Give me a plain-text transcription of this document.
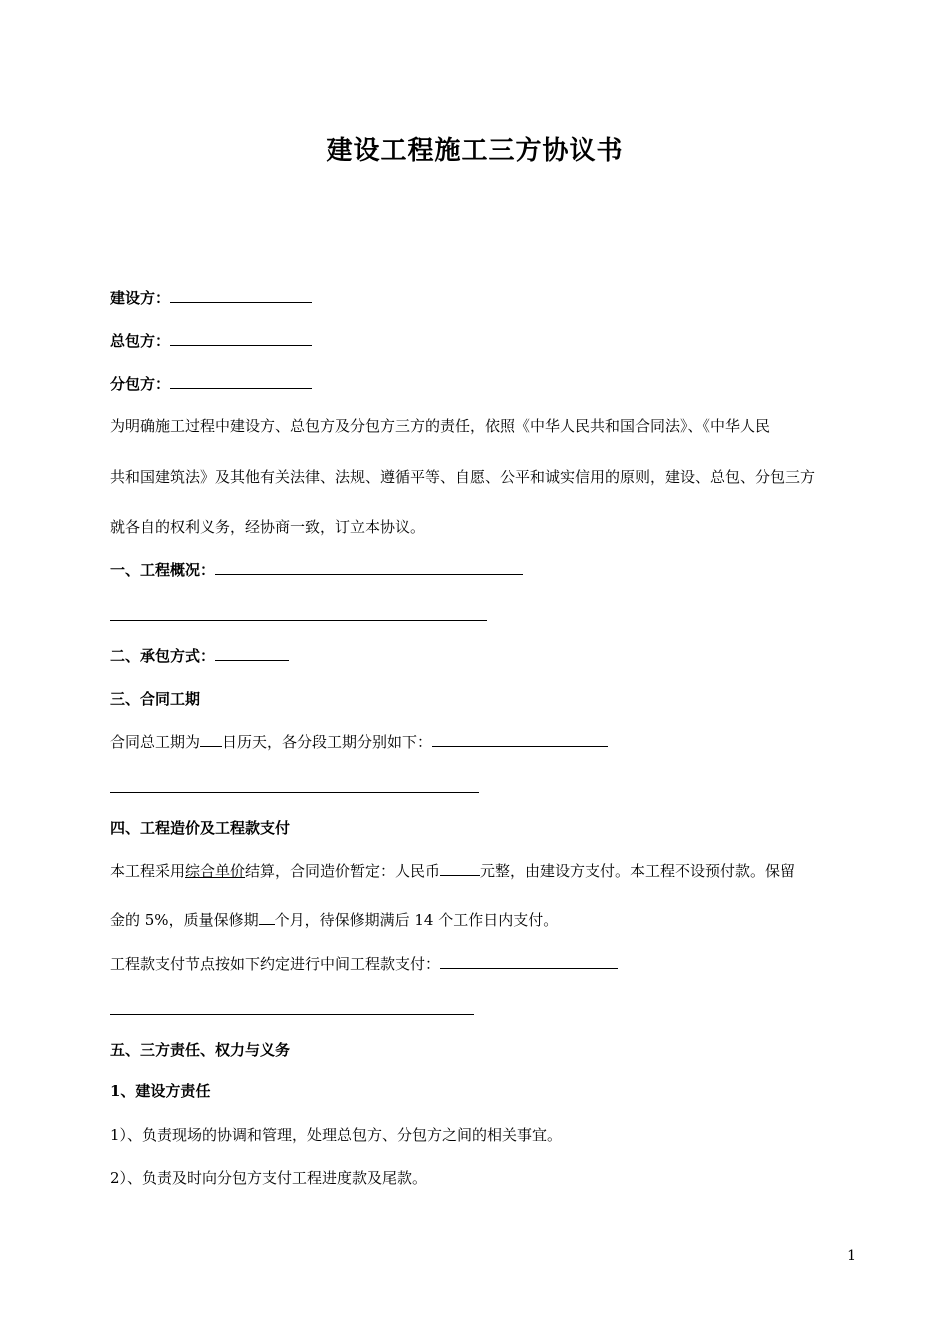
建设工程施工三方协议书
建设方：
总包方：
分包方：
为明确施工过程中建设方、总包方及分包方三方的责任，依照《中华人民共和国合同法》、《中华人民
共和国建筑法》及其他有关法律、法规、遵循平等、自愿、公平和诚实信用的原则，建设、总包、分包三方
就各自的权利义务，经协商一致，订立本协议。
一、工程概况：
二、承包方式：
三、合同工期
合同总工期为 日历天，各分段工期分别如下：
四、工程造价及工程款支付
本工程采用综合单价结算，合同造价暂定：人民币	元整，由建设方支付。本工程不设预付款。保留
金的 5%，质量保修期 个月，待保修期满后 14 个工作日内支付。
工程款支付节点按如下约定进行中间工程款支付：
五、三方责任、权力与义务
1、建设方责任
1）、负责现场的协调和管理，处理总包方、分包方之间的相关事宜。
2）、负责及时向分包方支付工程进度款及尾款。
1
